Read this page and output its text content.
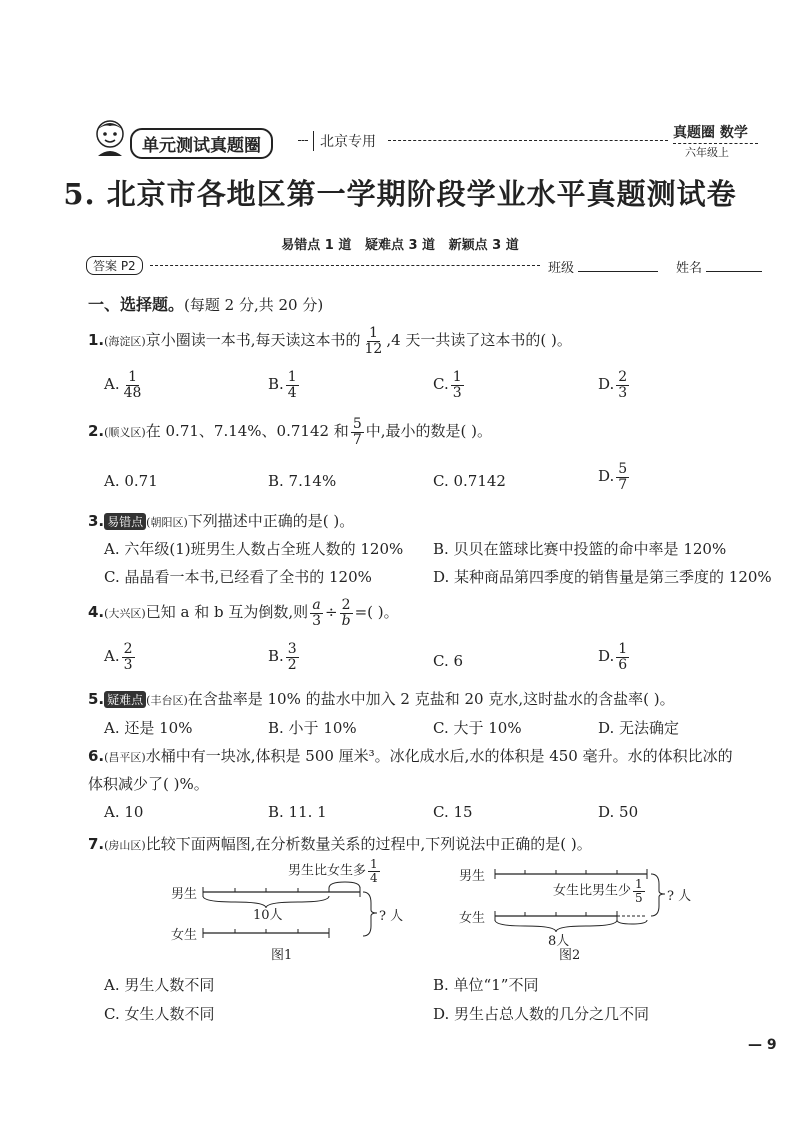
单元测试真题圈	北京专用
真题圈 数学
六年级上
5. 北京市各地区第一学期阶段学业水平真题测试卷
易错点 1 道   疑难点 3 道   新颖点 3 道
答案 P2	班级	姓名
一、选择题。(每题 2 分,共 20 分)
1.(海淀区)京小圈读一本书,每天读这本书的 $\frac{1}{12} ,4$ 天一共读了这本书的( )。
A. $\frac{1}{48}$	B. $\frac{1}{4}$	C. $\frac{1}{3}$	D. $\frac{2}{3}$
2.(顺义区)在 0.71、7.14%、0.7142 和 $\frac{5}{7}$ 中,最小的数是( )。
A. 0.71	B. 7.14%	C. 0.7142	D. $\frac{5}{7}$
3. 易错点 (朝阳区)下列描述中正确的是( )。
A. 六年级(1)班男生人数占全班人数的 120% B. 贝贝在篮球比赛中投篮的命中率是 120%
C. 晶晶看一本书,已经看了全书的 120%	D. 某种商品第四季度的销售量是第三季度的 120%
4.(大兴区)已知 a 和 b 互为倒数,则 $\frac{a}{3} \div \frac{2}{b}$ =( )。
A. $\frac{2}{3}$	B. $\frac{3}{2}$	C. 6	D. $\frac{1}{6}$
5. 疑难点 (丰台区)在含盐率是 10% 的盐水中加入 2 克盐和 20 克水,这时盐水的含盐率( )。
A. 还是 10%	B. 小于 10%	C. 大于 10%	D. 无法确定
6.(昌平区)水桶中有一块冰,体积是 500 厘米³。冰化成水后,水的体积是 450 毫升。水的体积比冰的
体积减少了( )%。
A. 10	B. 11. 1	C. 15	D. 50
7.(房山区)比较下面两幅图,在分析数量关系的过程中,下列说法中正确的是( )。
男生
女生
男生比女生多 $\frac{1}{4}$
10人	? 人
图1
男生
女生
女生比男生少 $\frac{1}{5}$ ? 人
8人
图2
A. 男生人数不同	B. 单位“1”不同
C. 女生人数不同	D. 男生占总人数的几分之几不同
— 9
